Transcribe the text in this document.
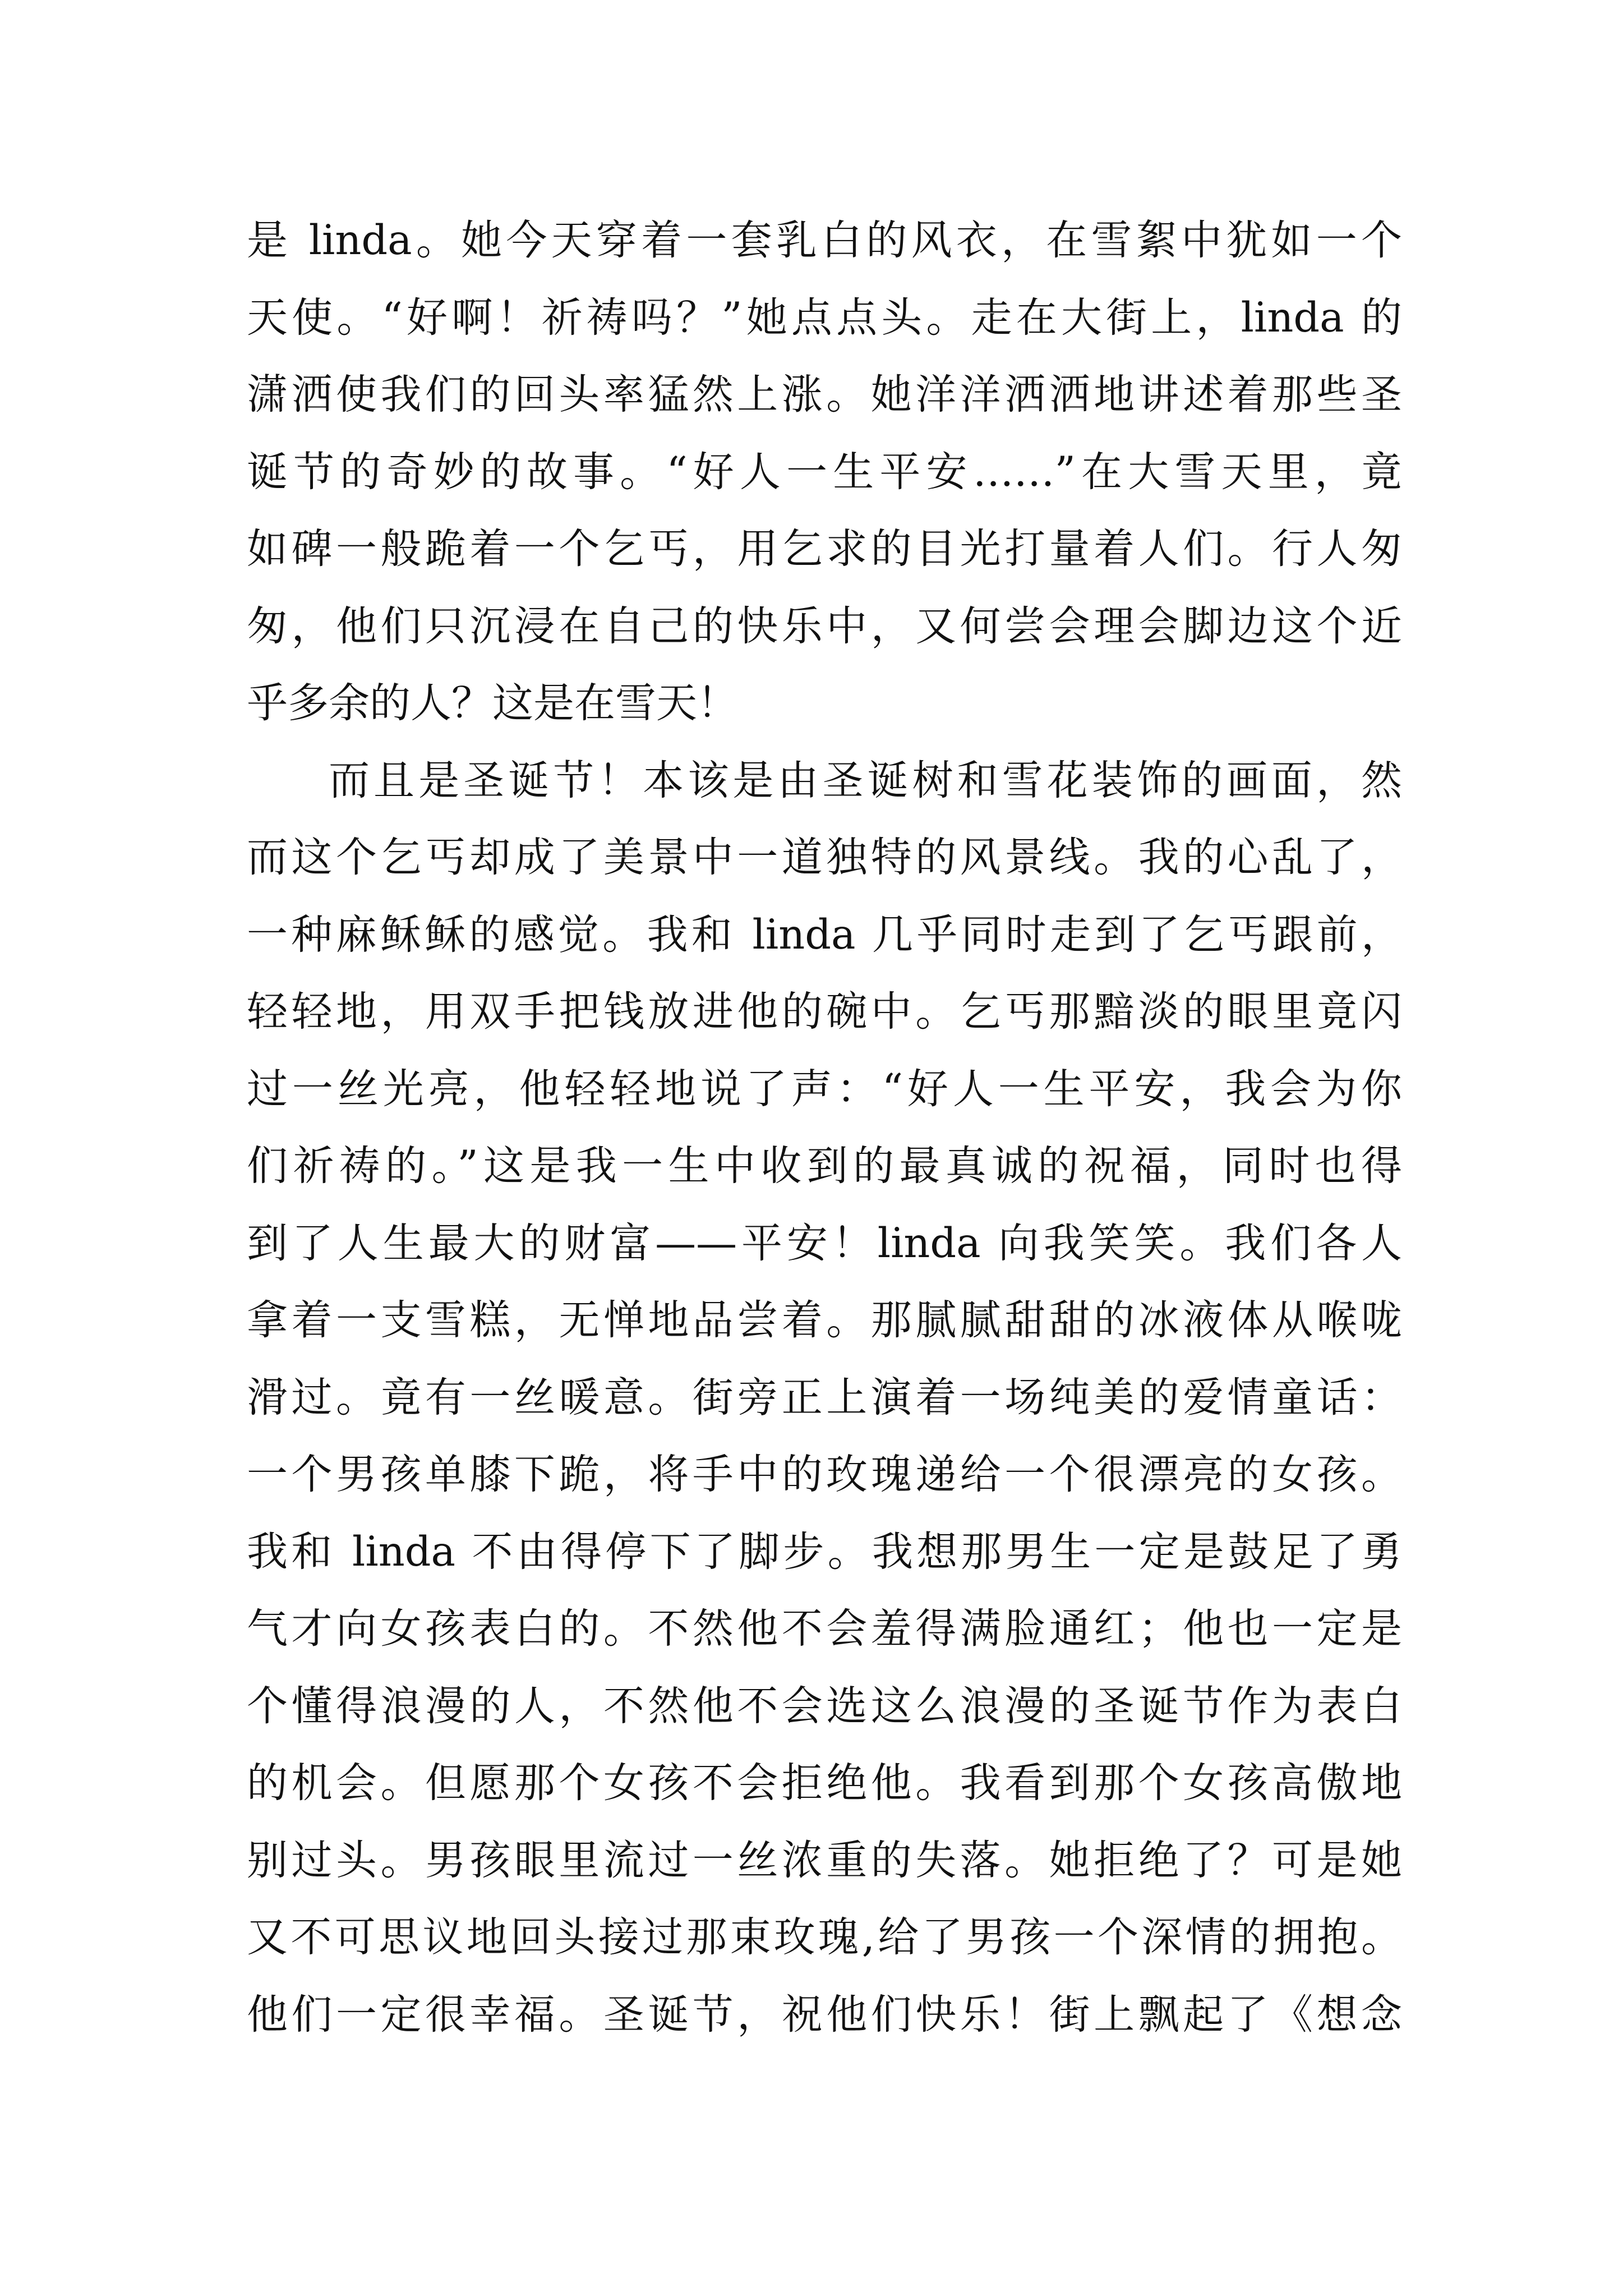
是 linda。她今天穿着一套乳白的风衣，在雪絮中犹如一个
天使。“好啊！祈祷吗？”她点点头。走在大街上，linda 的
潇洒使我们的回头率猛然上涨。她洋洋洒洒地讲述着那些圣
诞节的奇妙的故事。“好人一生平安……”在大雪天里，竟
如碑一般跪着一个乞丐，用乞求的目光打量着人们。行人匆
匆，他们只沉浸在自己的快乐中，又何尝会理会脚边这个近
乎多余的人？这是在雪天！
而且是圣诞节！本该是由圣诞树和雪花装饰的画面，然
而这个乞丐却成了美景中一道独特的风景线。我的心乱了，
一种麻稣稣的感觉。我和 linda 几乎同时走到了乞丐跟前，
轻轻地，用双手把钱放进他的碗中。乞丐那黯淡的眼里竟闪
过一丝光亮，他轻轻地说了声：“好人一生平安，我会为你
们祈祷的。”这是我一生中收到的最真诚的祝福，同时也得
到了人生最大的财富——平安！linda 向我笑笑。我们各人
拿着一支雪糕，无惮地品尝着。那腻腻甜甜的冰液体从喉咙
滑过。竟有一丝暖意。街旁正上演着一场纯美的爱情童话：
一个男孩单膝下跪，将手中的玫瑰递给一个很漂亮的女孩。
我和 linda 不由得停下了脚步。我想那男生一定是鼓足了勇
气才向女孩表白的。不然他不会羞得满脸通红；他也一定是
个懂得浪漫的人，不然他不会选这么浪漫的圣诞节作为表白
的机会。但愿那个女孩不会拒绝他。我看到那个女孩高傲地
别过头。男孩眼里流过一丝浓重的失落。她拒绝了？可是她
又不可思议地回头接过那束玫瑰,给了男孩一个深情的拥抱。
他们一定很幸福。圣诞节，祝他们快乐！街上飘起了《想念
